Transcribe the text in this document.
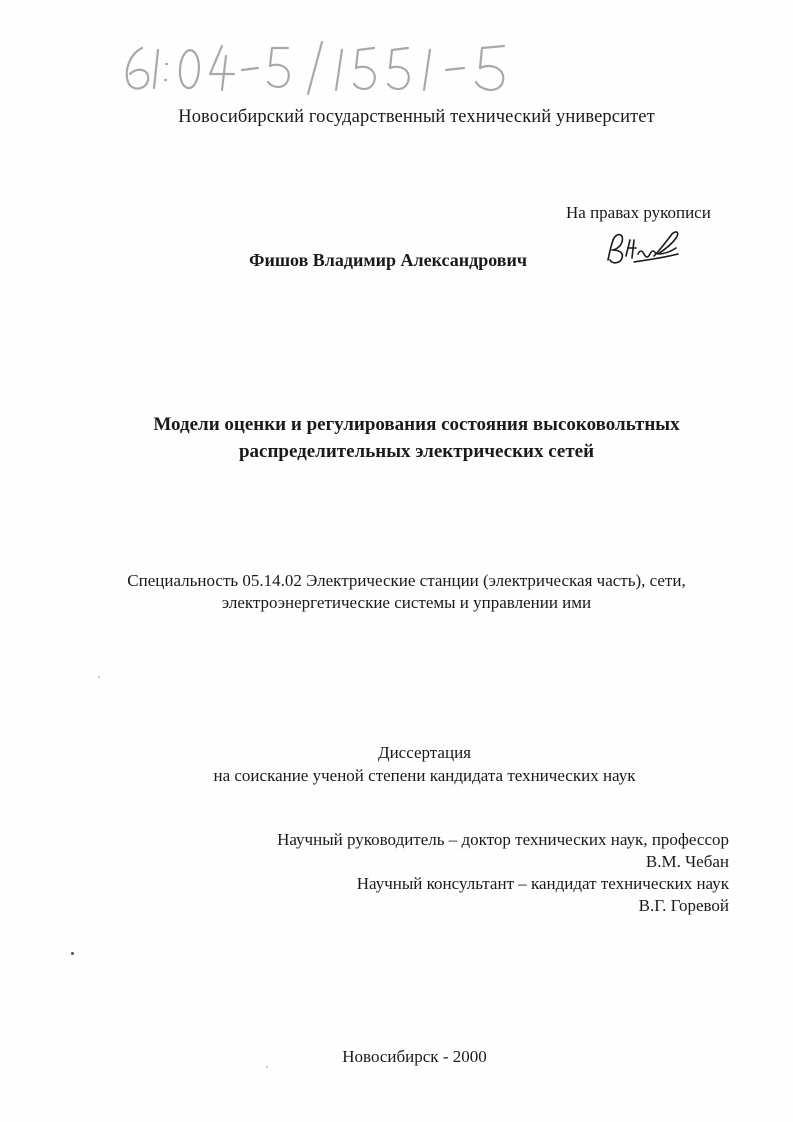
Новосибирский государственный технический университет
На правах рукописи
Фишов Владимир Александрович
Модели оценки и регулирования состояния высоковольтных
распределительных электрических сетей
Специальность 05.14.02 Электрические станции (электрическая часть), сети,
электроэнергетические системы и управлении ими
Диссертация
на соискание ученой степени кандидата технических наук
Научный руководитель – доктор технических наук, профессор
В.М. Чебан
Научный консультант – кандидат технических наук
В.Г. Горевой
Новосибирск - 2000
